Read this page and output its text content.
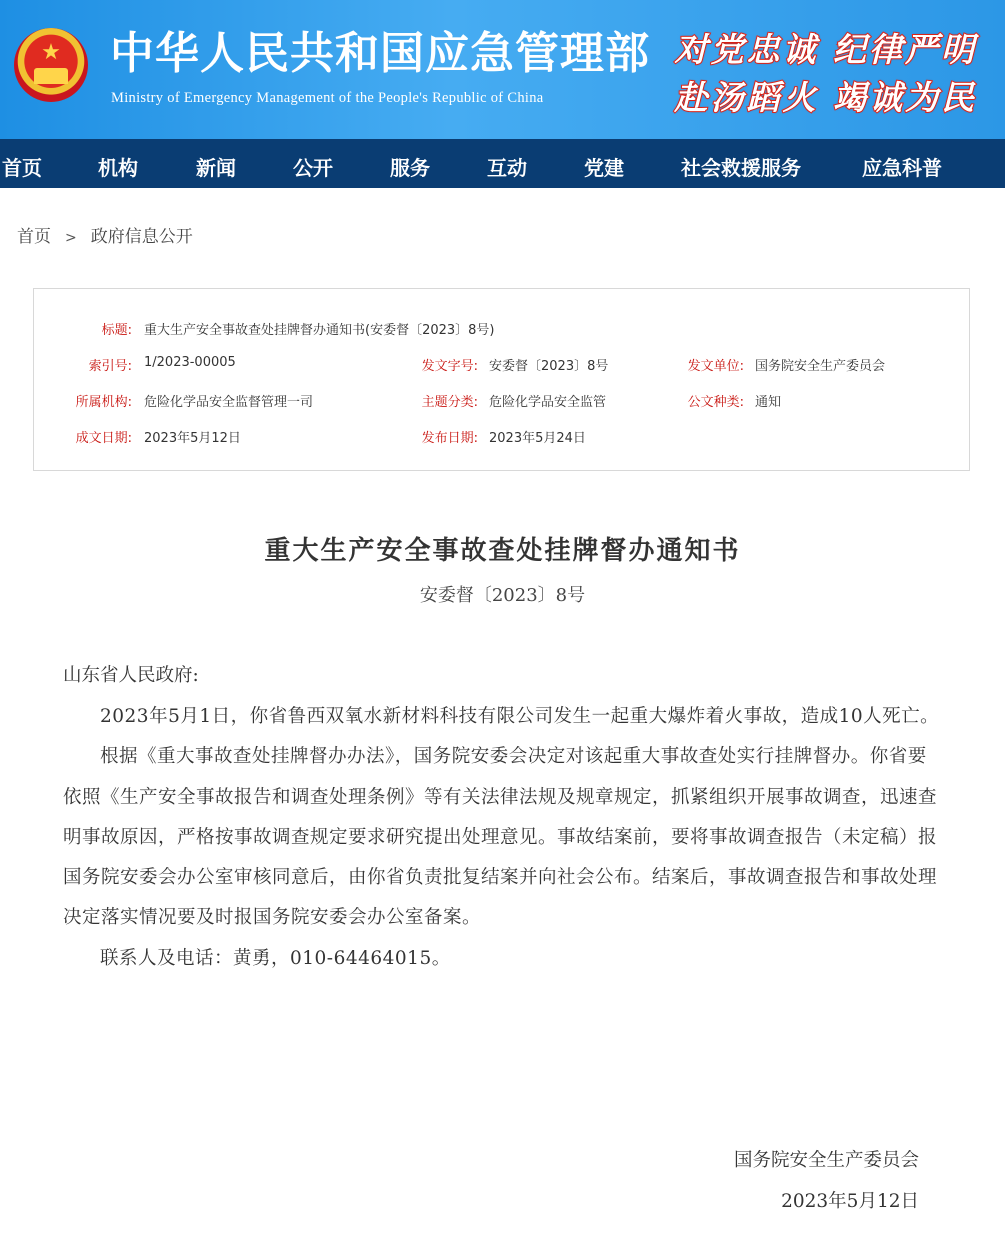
★	中华人民共和国应急管理部
Ministry of Emergency Management of the People's Republic of China
对党忠诚 纪律严明
赴汤蹈火 竭诚为民
首页	机构	新闻	公开	服务	互动	党建	社会救援服务	应急科普
首页 > 政府信息公开
标题: 重大生产安全事故查处挂牌督办通知书(安委督〔2023〕8号)
索引号: 1/2023-00005	发文字号: 安委督〔2023〕8号	发文单位: 国务院安全生产委员会
所属机构: 危险化学品安全监督管理一司	主题分类: 危险化学品安全监管	公文种类: 通知
成文日期: 2023年5月12日	发布日期: 2023年5月24日
重大生产安全事故查处挂牌督办通知书
安委督〔2023〕8号
山东省人民政府:

2023年5月1日，你省鲁西双氧水新材料科技有限公司发生一起重大爆炸着火事故，造成10人死亡。

根据《重大事故查处挂牌督办办法》，国务院安委会决定对该起重大事故查处实行挂牌督办。你省要依照《生产安全事故报告和调查处理条例》等有关法律法规及规章规定，抓紧组织开展事故调查，迅速查明事故原因，严格按事故调查规定要求研究提出处理意见。事故结案前，要将事故调查报告（未定稿）报国务院安委会办公室审核同意后，由你省负责批复结案并向社会公布。结案后，事故调查报告和事故处理决定落实情况要及时报国务院安委会办公室备案。

联系人及电话：黄勇，010-64464015。

国务院安全生产委员会
2023年5月12日
